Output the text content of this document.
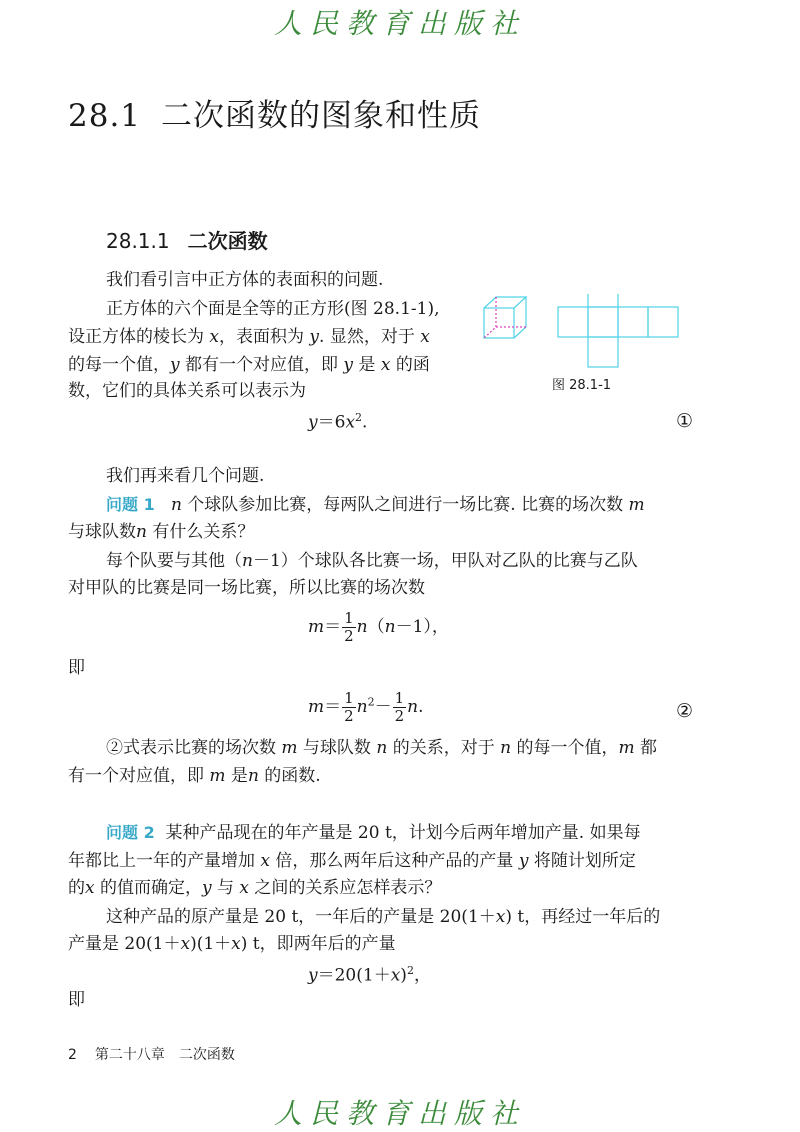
人民教育出版社
28.1 二次函数的图象和性质
28.1.1 二次函数
图 28.1-1
我们看引言中正方体的表面积的问题.
正方体的六个面是全等的正方形(图 28.1-1),
设正方体的棱长为 x，表面积为 y. 显然，对于 x
的每一个值，y 都有一个对应值，即 y 是 x 的函
数，它们的具体关系可以表示为
$y=6x^2$.	①
我们再来看几个问题.
问题 1 n 个球队参加比赛，每两队之间进行一场比赛. 比赛的场次数 m
与球队数n 有什么关系？
每个队要与其他（n－1）个球队各比赛一场，甲队对乙队的比赛与乙队
对甲队的比赛是同一场比赛，所以比赛的场次数
$m= \frac{1}{2} n(n-1)$，
即
$m= \frac{1}{2} n^2- \frac{1}{2} n$.	②
②式表示比赛的场次数 m 与球队数 n 的关系，对于 n 的每一个值，m 都
有一个对应值，即 m 是n 的函数.
问题 2 某种产品现在的年产量是 20 t，计划今后两年增加产量. 如果每
年都比上一年的产量增加 x 倍，那么两年后这种产品的产量 y 将随计划所定
的x 的值而确定，y 与 x 之间的关系应怎样表示？
这种产品的原产量是 20 t，一年后的产量是 20(1＋x) t，再经过一年后的
产量是 20(1＋x)(1＋x) t，即两年后的产量
$y=20(1+x)^2$，
即
2 第二十八章 二次函数
人民教育出版社
